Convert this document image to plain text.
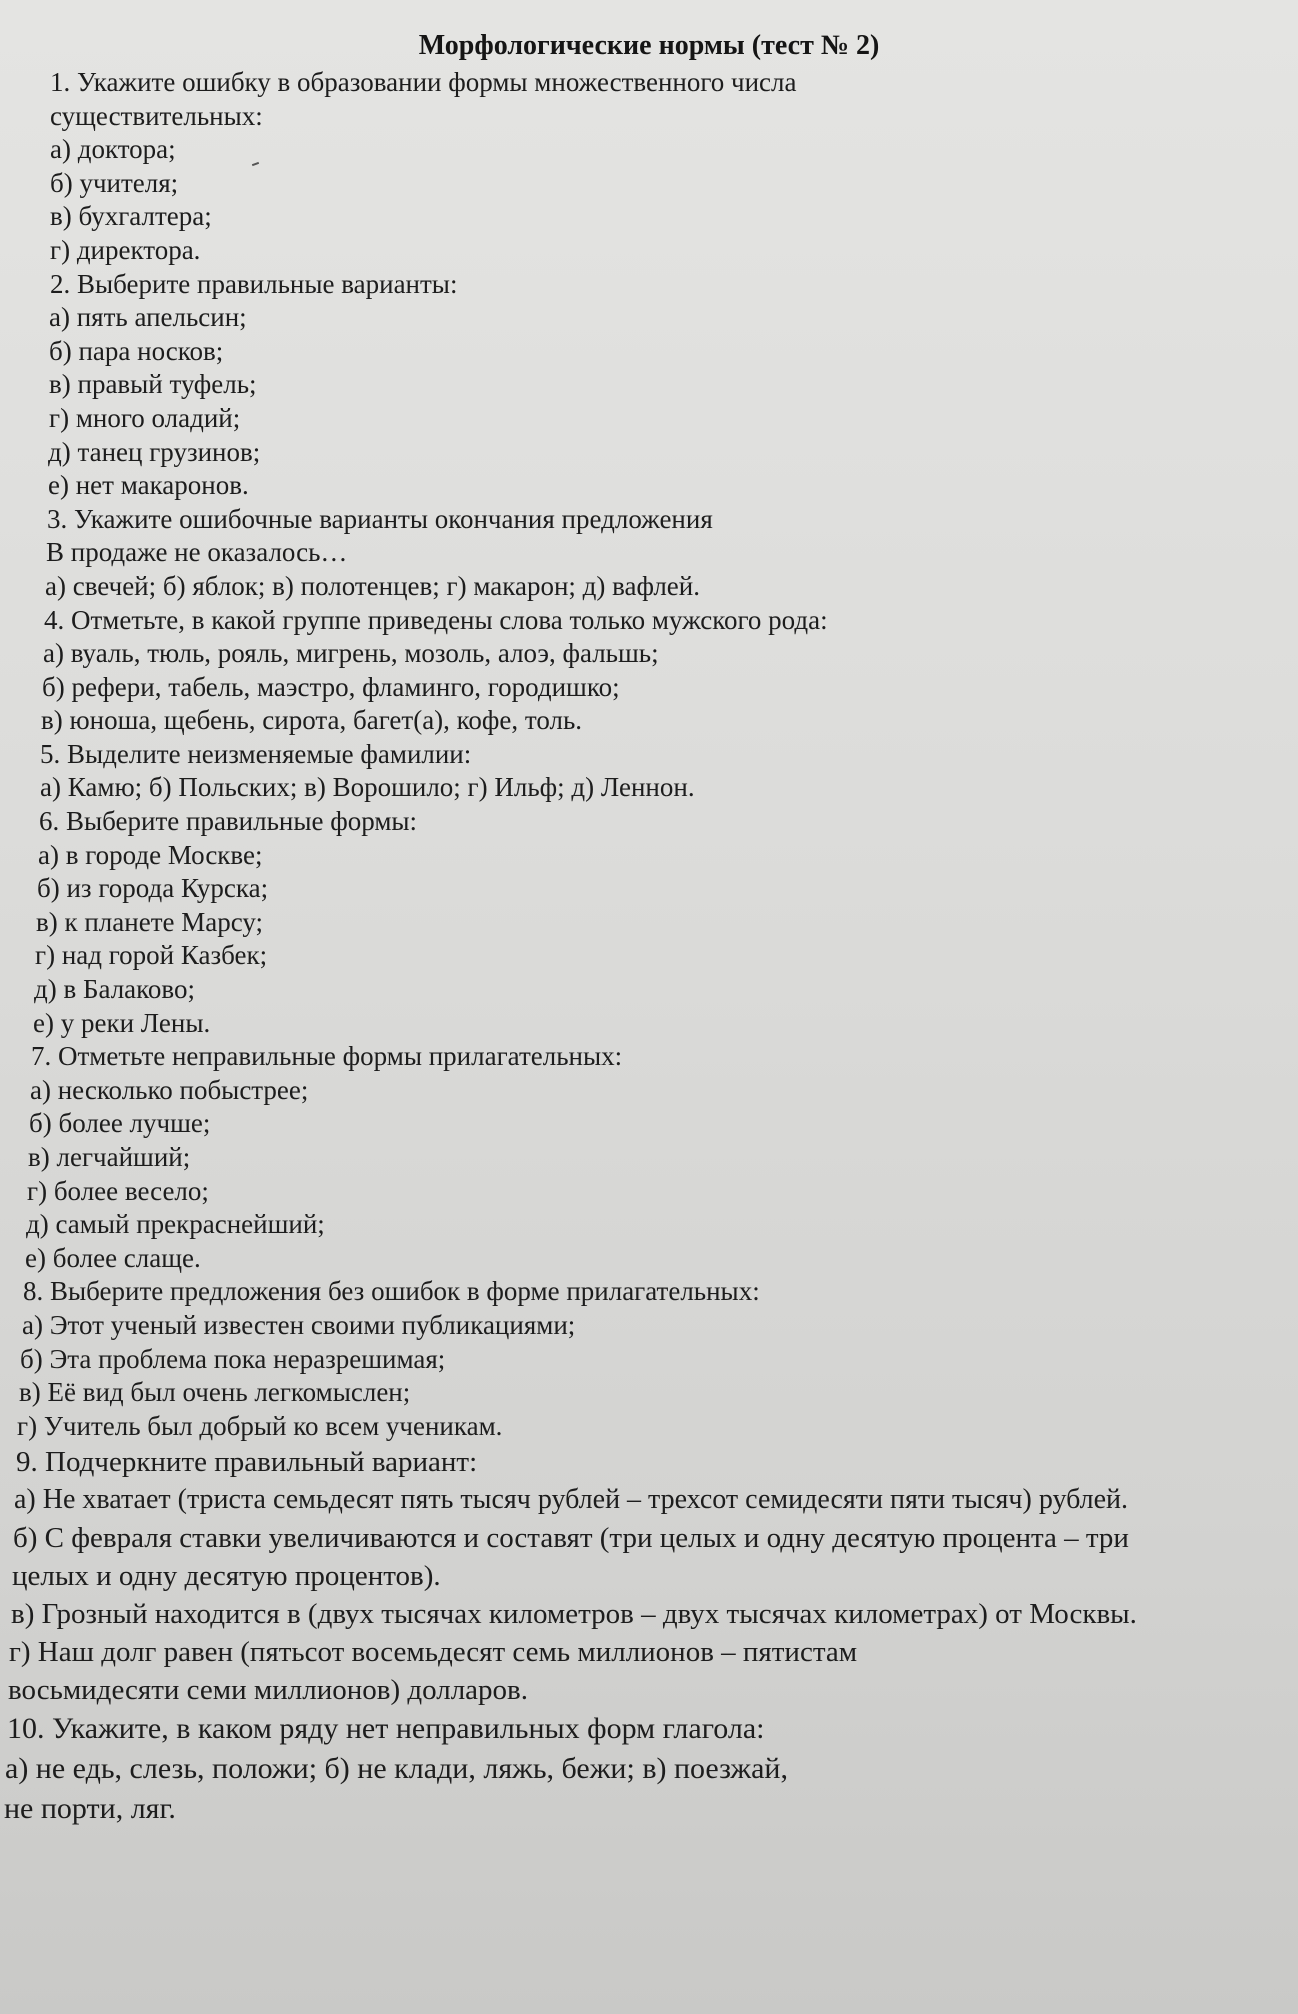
Морфологические нормы (тест № 2)
1. Укажите ошибку в образовании формы множественного числа
существительных:
а) доктора;
б) учителя;
в) бухгалтера;
г) директора.
2. Выберите правильные варианты:
а) пять апельсин;
б) пара носков;
в) правый туфель;
г) много оладий;
д) танец грузинов;
е) нет макаронов.
3. Укажите ошибочные варианты окончания предложения
В продаже не оказалось…
а) свечей; б) яблок; в) полотенцев; г) макарон; д) вафлей.
4. Отметьте, в какой группе приведены слова только мужского рода:
а) вуаль, тюль, рояль, мигрень, мозоль, алоэ, фальшь;
б) рефери, табель, маэстро, фламинго, городишко;
в) юноша, щебень, сирота, багет(а), кофе, толь.
5. Выделите неизменяемые фамилии:
а) Камю; б) Польских; в) Ворошило; г) Ильф; д) Леннон.
6. Выберите правильные формы:
а) в городе Москве;
б) из города Курска;
в) к планете Марсу;
г) над горой Казбек;
д) в Балаково;
е) у реки Лены.
7. Отметьте неправильные формы прилагательных:
а) несколько побыстрее;
б) более лучше;
в) легчайший;
г) более весело;
д) самый прекраснейший;
е) более слаще.
8. Выберите предложения без ошибок в форме прилагательных:
а) Этот ученый известен своими публикациями;
б) Эта проблема пока неразрешимая;
в) Её вид был очень легкомыслен;
г) Учитель был добрый ко всем ученикам.
9. Подчеркните правильный вариант:
а) Не хватает (триста семьдесят пять тысяч рублей – трехсот семидесяти пяти тысяч) рублей.
б) С февраля ставки увеличиваются и составят (три целых и одну десятую процента – три
целых и одну десятую процентов).
в) Грозный находится в (двух тысячах километров – двух тысячах километрах) от Москвы.
г) Наш долг равен (пятьсот восемьдесят семь миллионов – пятистам
восьмидесяти семи миллионов) долларов.
10. Укажите, в каком ряду нет неправильных форм глагола:
а) не едь, слезь, положи; б) не клади, ляжь, бежи; в) поезжай,
не порти, ляг.
